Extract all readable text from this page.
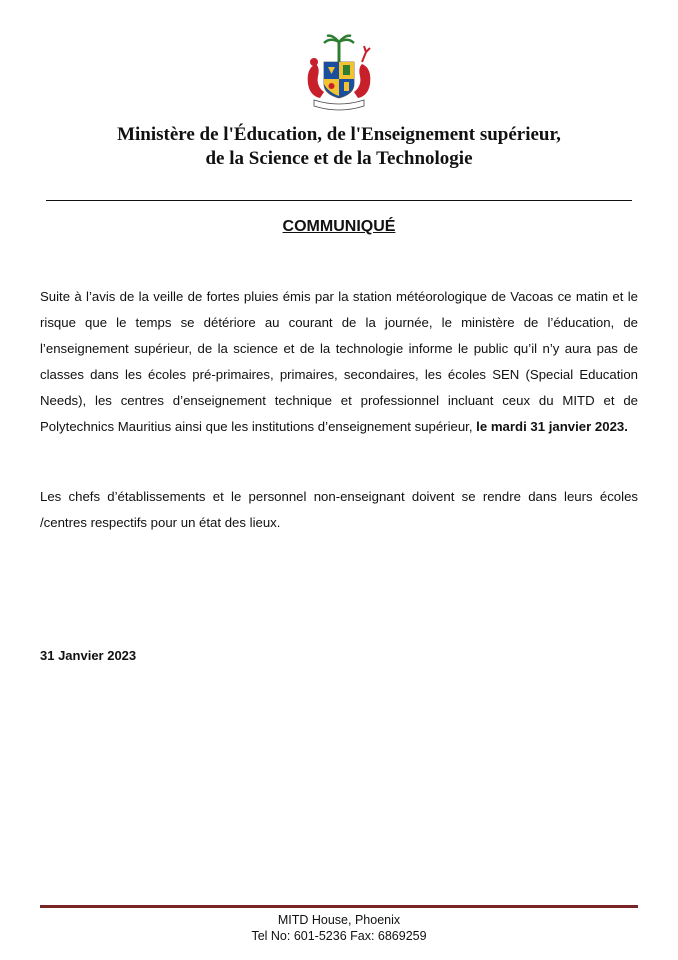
Ministère de l'Éducation, de l'Enseignement supérieur,
de la Science et de la Technologie
COMMUNIQUÉ
Suite à l’avis de la veille de fortes pluies émis par la station météorologique de Vacoas ce matin et le risque que le temps se détériore au courant de la journée, le ministère de l’éducation, de l’enseignement supérieur, de la science et de la technologie informe le public qu’il n’y aura pas de classes dans les écoles pré-primaires, primaires, secondaires, les écoles SEN (Special Education Needs), les centres d’enseignement technique et professionnel incluant ceux du MITD et de Polytechnics Mauritius ainsi que les institutions d’enseignement supérieur, le mardi 31 janvier 2023.
Les chefs d’établissements et le personnel non-enseignant doivent se rendre dans leurs écoles /centres respectifs pour un état des lieux.
31 Janvier 2023
MITD House, Phoenix
Tel No: 601-5236 Fax: 6869259
